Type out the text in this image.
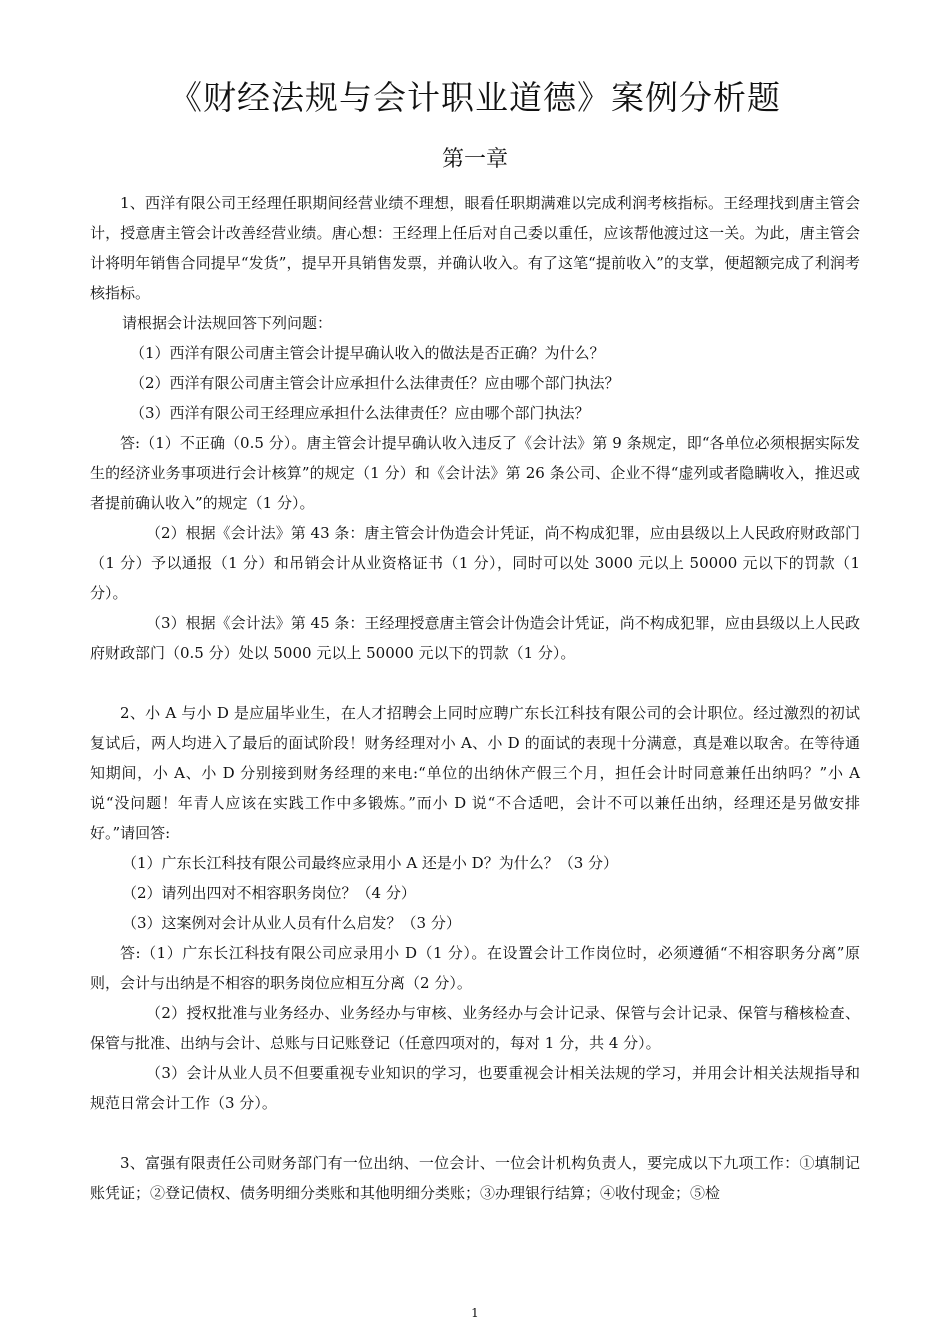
《财经法规与会计职业道德》案例分析题
第一章

1、西洋有限公司王经理任职期间经营业绩不理想，眼看任职期满难以完成利润考核指标。王经理找到唐主管会计，授意唐主管会计改善经营业绩。唐心想：王经理上任后对自己委以重任，应该帮他渡过这一关。为此，唐主管会计将明年销售合同提早“发货”，提早开具销售发票，并确认收入。有了这笔“提前收入”的支掌，便超额完成了利润考核指标。

请根据会计法规回答下列问题：

（1）西洋有限公司唐主管会计提早确认收入的做法是否正确？为什么？

（2）西洋有限公司唐主管会计应承担什么法律责任？应由哪个部门执法？

（3）西洋有限公司王经理应承担什么法律责任？应由哪个部门执法？

答:（1）不正确（0.5 分）。唐主管会计提早确认收入违反了《会计法》第 9 条规定，即“各单位必须根据实际发生的经济业务事项进行会计核算”的规定（1 分）和《会计法》第 26 条公司、企业不得“虚列或者隐瞒收入，推迟或者提前确认收入”的规定（1 分）。

（2）根据《会计法》第 43 条：唐主管会计伪造会计凭证，尚不构成犯罪，应由县级以上人民政府财政部门（1 分）予以通报（1 分）和吊销会计从业资格证书（1 分），同时可以处 3000 元以上 50000 元以下的罚款（1 分）。

（3）根据《会计法》第 45 条：王经理授意唐主管会计伪造会计凭证，尚不构成犯罪，应由县级以上人民政府财政部门（0.5 分）处以 5000 元以上 50000 元以下的罚款（1 分）。

2、小 A 与小 D 是应届毕业生，在人才招聘会上同时应聘广东长江科技有限公司的会计职位。经过激烈的初试复试后，两人均进入了最后的面试阶段！财务经理对小 A、小 D 的面试的表现十分满意，真是难以取舍。在等待通知期间，小 A、小 D 分别接到财务经理的来电:“单位的出纳休产假三个月，担任会计时同意兼任出纳吗？”小 A 说“没问题！年青人应该在实践工作中多锻炼。”而小 D 说“不合适吧，会计不可以兼任出纳，经理还是另做安排好。”请回答:

（1）广东长江科技有限公司最终应录用小 A 还是小 D？为什么？（3 分）

（2）请列出四对不相容职务岗位？（4 分）

（3）这案例对会计从业人员有什么启发？（3 分）

答:（1）广东长江科技有限公司应录用小 D（1 分）。在设置会计工作岗位时，必须遵循“不相容职务分离”原则，会计与出纳是不相容的职务岗位应相互分离（2 分）。

（2）授权批准与业务经办、业务经办与审核、业务经办与会计记录、保管与会计记录、保管与稽核检查、保管与批准、出纳与会计、总账与日记账登记（任意四项对的，每对 1 分，共 4 分）。

（3）会计从业人员不但要重视专业知识的学习，也要重视会计相关法规的学习，并用会计相关法规指导和规范日常会计工作（3 分）。

3、富强有限责任公司财务部门有一位出纳、一位会计、一位会计机构负责人，要完成以下九项工作：①填制记账凭证；②登记债权、债务明细分类账和其他明细分类账；③办理银行结算；④收付现金；⑤检

1
